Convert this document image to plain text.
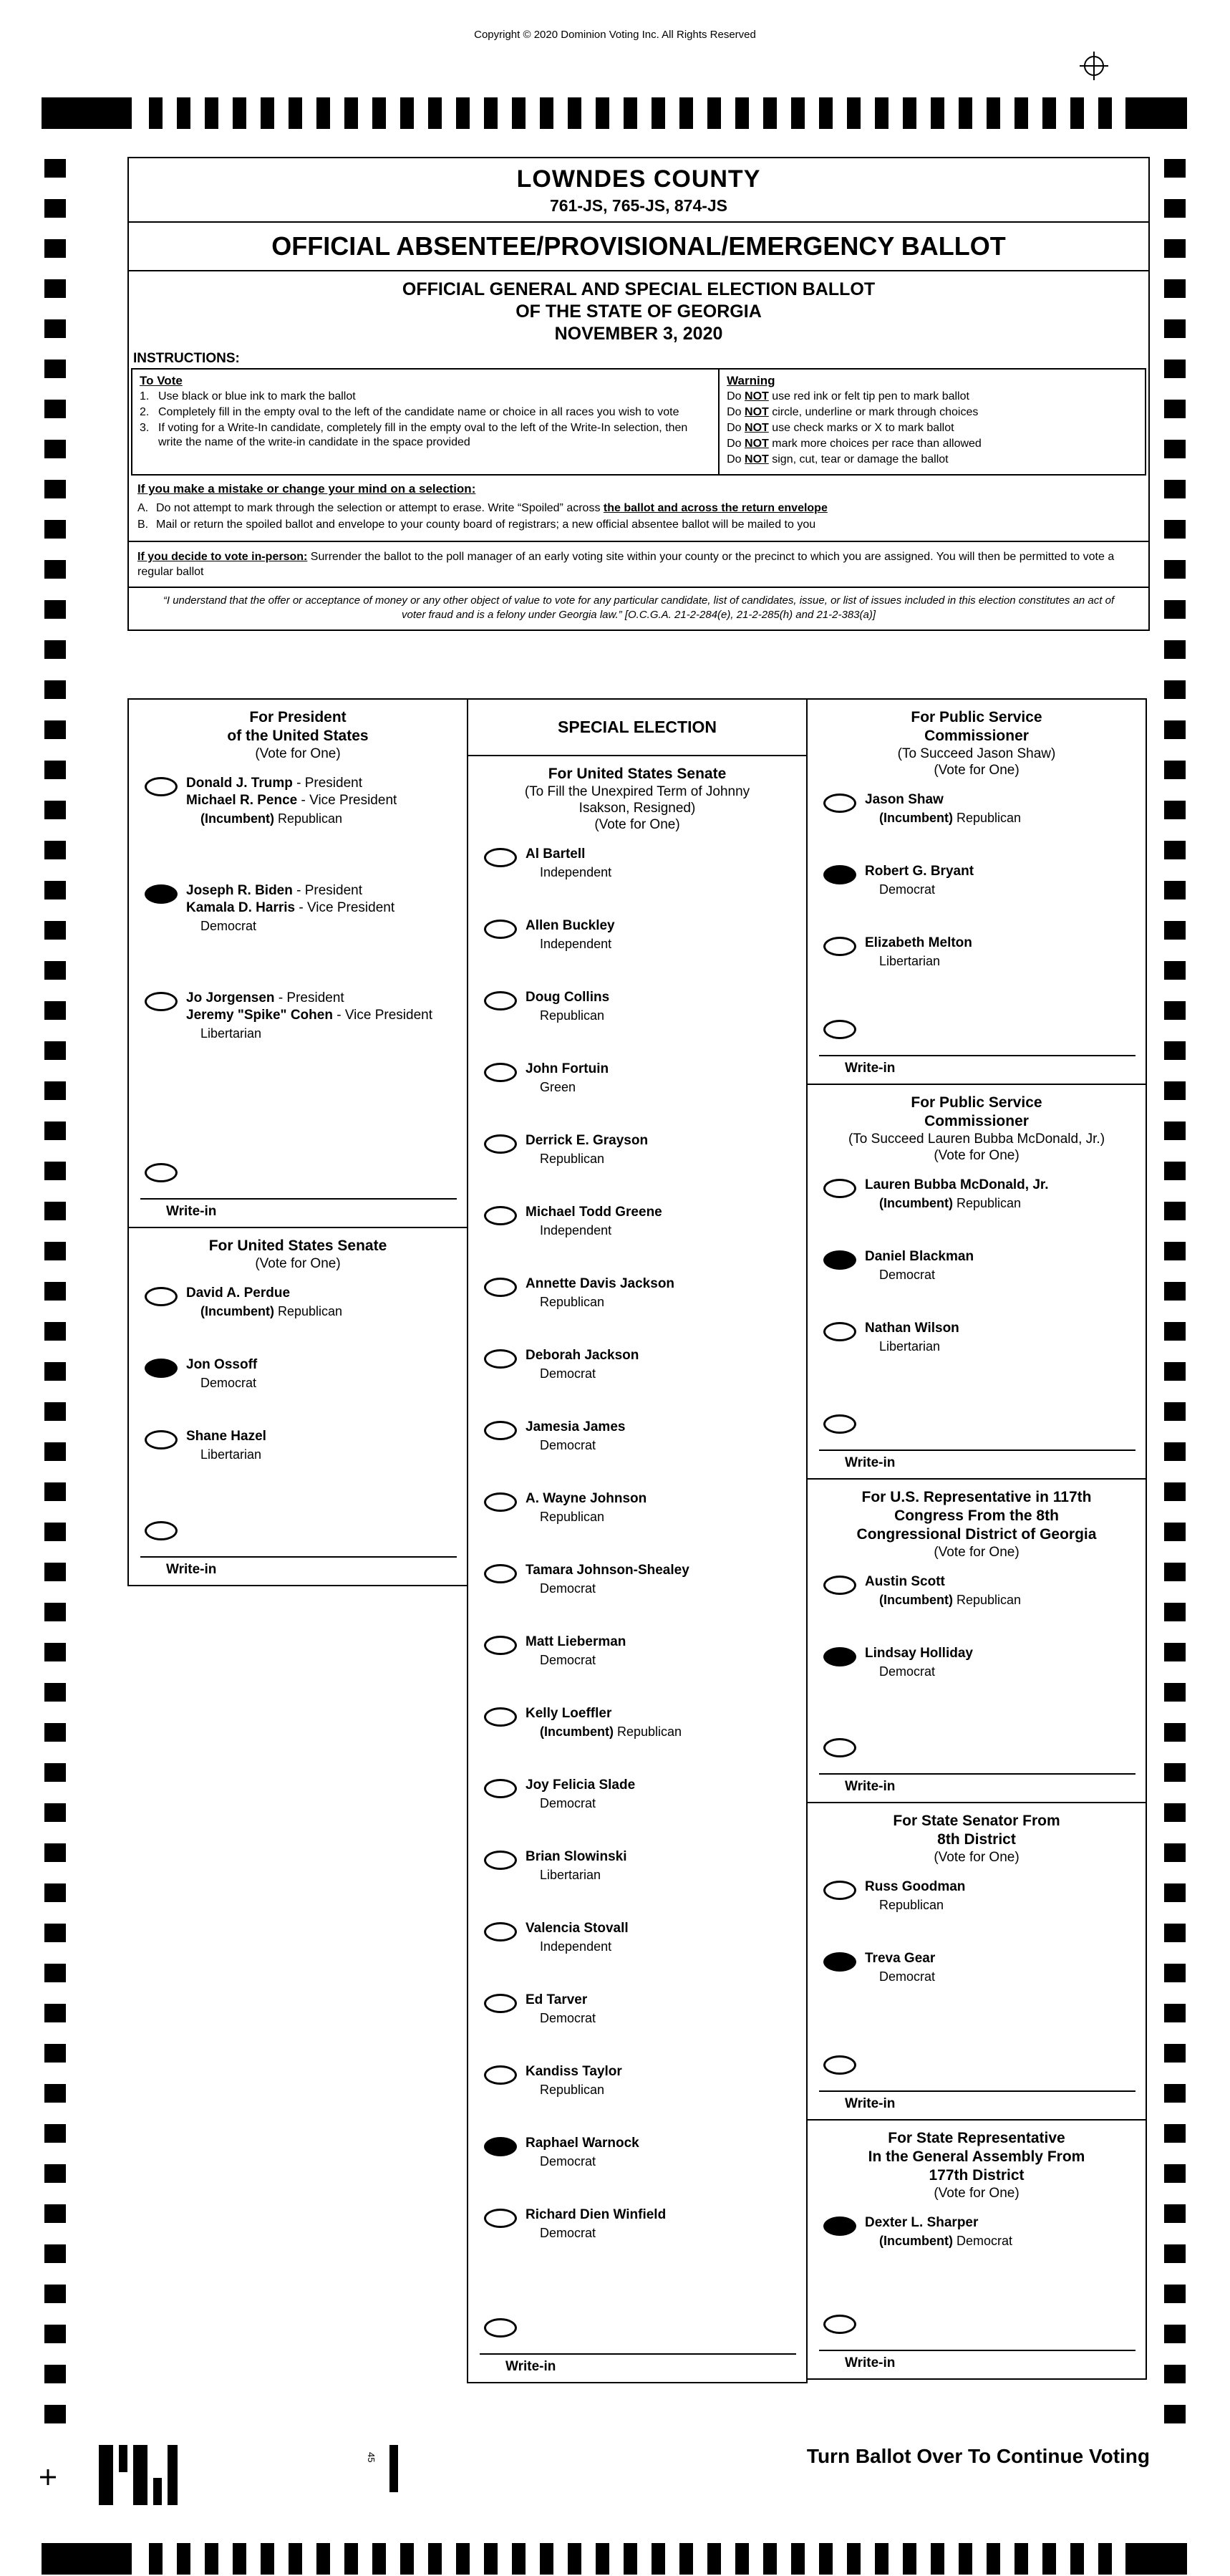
Copyright © 2020 Dominion Voting Inc. All Rights Reserved
LOWNDES COUNTY
761-JS, 765-JS, 874-JS
OFFICIAL ABSENTEE/PROVISIONAL/EMERGENCY BALLOT
OFFICIAL GENERAL AND SPECIAL ELECTION BALLOT
OF THE STATE OF GEORGIA
NOVEMBER 3, 2020
INSTRUCTIONS:
To Vote
1. Use black or blue ink to mark the ballot
2. Completely fill in the empty oval to the left of the candidate name or choice in all races you wish to vote
3. If voting for a Write-In candidate, completely fill in the empty oval to the left of the Write-In selection, then write the name of the write-in candidate in the space provided
Warning
Do NOT use red ink or felt tip pen to mark ballot
Do NOT circle, underline or mark through choices
Do NOT use check marks or X to mark ballot
Do NOT mark more choices per race than allowed
Do NOT sign, cut, tear or damage the ballot
If you make a mistake or change your mind on a selection:
A. Do not attempt to mark through the selection or attempt to erase. Write “Spoiled” across the ballot and across the return envelope
B. Mail or return the spoiled ballot and envelope to your county board of registrars; a new official absentee ballot will be mailed to you
If you decide to vote in-person: Surrender the ballot to the poll manager of an early voting site within your county or the precinct to which you are assigned. You will then be permitted to vote a regular ballot
“I understand that the offer or acceptance of money or any other object of value to vote for any particular candidate, list of candidates, issue, or list of issues included in this election constitutes an act of voter fraud and is a felony under Georgia law.” [O.C.G.A. 21-2-284(e), 21-2-285(h) and 21-2-383(a)]
For President
of the United States
(Vote for One)
Donald J. Trump - President
Michael R. Pence - Vice President
(Incumbent) Republican
Joseph R. Biden - President
Kamala D. Harris - Vice President
Democrat
Jo Jorgensen - President
Jeremy "Spike" Cohen - Vice President
Libertarian
Write-in
For United States Senate
(Vote for One)
David A. Perdue
(Incumbent) Republican
Jon Ossoff
Democrat
Shane Hazel
Libertarian
Write-in
SPECIAL ELECTION
For United States Senate
(To Fill the Unexpired Term of Johnny
Isakson, Resigned)
(Vote for One)
Al Bartell
Independent
Allen Buckley
Independent
Doug Collins
Republican
John Fortuin
Green
Derrick E. Grayson
Republican
Michael Todd Greene
Independent
Annette Davis Jackson
Republican
Deborah Jackson
Democrat
Jamesia James
Democrat
A. Wayne Johnson
Republican
Tamara Johnson-Shealey
Democrat
Matt Lieberman
Democrat
Kelly Loeffler
(Incumbent) Republican
Joy Felicia Slade
Democrat
Brian Slowinski
Libertarian
Valencia Stovall
Independent
Ed Tarver
Democrat
Kandiss Taylor
Republican
Raphael Warnock
Democrat
Richard Dien Winfield
Democrat
Write-in
For Public Service
Commissioner
(To Succeed Jason Shaw)
(Vote for One)
Jason Shaw
(Incumbent) Republican
Robert G. Bryant
Democrat
Elizabeth Melton
Libertarian
Write-in
For Public Service
Commissioner
(To Succeed Lauren Bubba McDonald, Jr.)
(Vote for One)
Lauren Bubba McDonald, Jr.
(Incumbent) Republican
Daniel Blackman
Democrat
Nathan Wilson
Libertarian
Write-in
For U.S. Representative in 117th
Congress From the 8th
Congressional District of Georgia
(Vote for One)
Austin Scott
(Incumbent) Republican
Lindsay Holliday
Democrat
Write-in
For State Senator From
8th District
(Vote for One)
Russ Goodman
Republican
Treva Gear
Democrat
Write-in
For State Representative
In the General Assembly From
177th District
(Vote for One)
Dexter L. Sharper
(Incumbent) Democrat
Write-in
Turn Ballot Over To Continue Voting
45
